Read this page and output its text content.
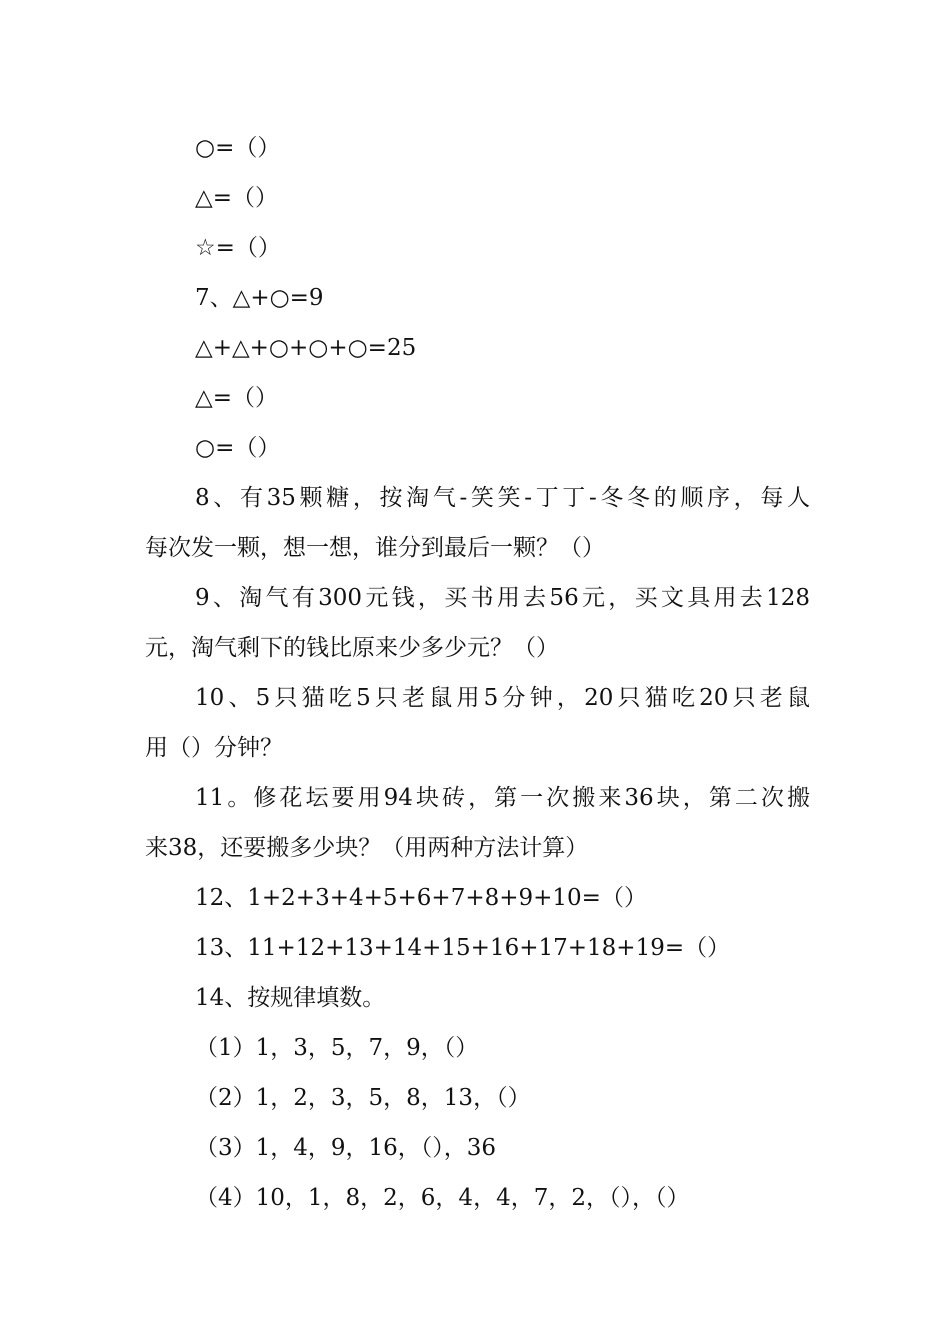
○=（）
△=（）
☆=（）
7、△+○=9
△+△+○+○+○=25
△=（）
○=（）
8、有35颗糖，按淘气-笑笑-丁丁-冬冬的顺序，每人
每次发一颗，想一想，谁分到最后一颗？（）
9、淘气有300元钱，买书用去56元，买文具用去128
元，淘气剩下的钱比原来少多少元？（）
10、5只猫吃5只老鼠用5分钟，20只猫吃20只老鼠
用（）分钟？
11。修花坛要用94块砖，第一次搬来36块，第二次搬
来38，还要搬多少块？（用两种方法计算）
12、1+2+3+4+5+6+7+8+9+10=（）
13、11+12+13+14+15+16+17+18+19=（）
14、按规律填数。
（1）1，3，5，7，9，（）
（2）1，2，3，5，8，13，（）
（3）1，4，9，16，（），36
（4）10，1，8，2，6，4，4，7，2，（），（）
